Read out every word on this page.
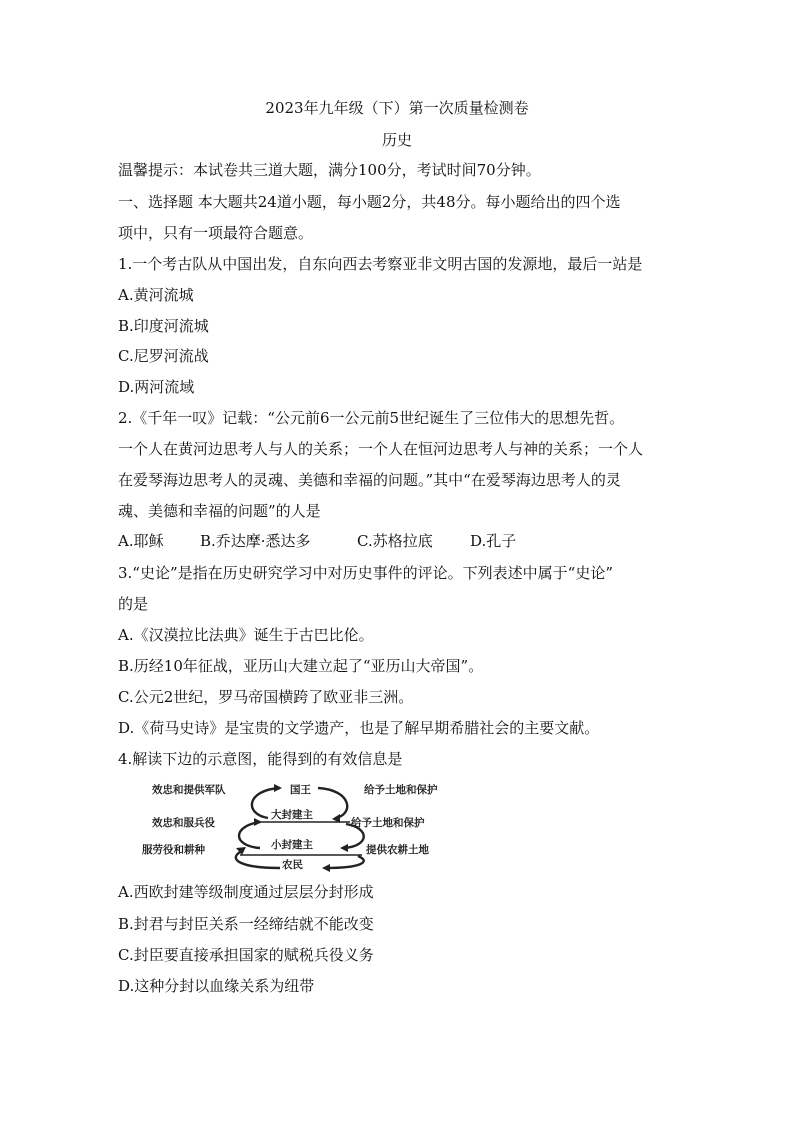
2023年九年级（下）第一次质量检测卷
历史
温馨提示：本试卷共三道大题，满分100分，考试时间70分钟。
一、选择题 本大题共24道小题，每小题2分，共48分。每小题给出的四个选
项中，只有一项最符合题意。
1.一个考古队从中国出发，自东向西去考察亚非文明古国的发源地，最后一站是
A.黄河流城
B.印度河流城
C.尼罗河流战
D.两河流域
2.《千年一叹》记载：“公元前6一公元前5世纪诞生了三位伟大的思想先哲。
一个人在黄河边思考人与人的关系；一个人在恒河边思考人与神的关系；一个人
在爱琴海边思考人的灵魂、美德和幸福的问题。”其中“在爱琴海边思考人的灵
魂、美德和幸福的问题”的人是
A.耶稣 B.乔达摩·悉达多	C.苏格拉底 D.孔子
3.“史论”是指在历史研究学习中对历史事件的评论。下列表述中属于“史论”
的是
A.《汉漠拉比法典》诞生于古巴比伦。
B.历经10年征战，亚历山大建立起了“亚历山大帝国”。
C.公元2世纪，罗马帝国横跨了欧亚非三洲。
D.《荷马史诗》是宝贵的文学遗产，也是了解早期希腊社会的主要文献。
4.解读下边的示意图，能得到的有效信息是
效忠和提供军队
效忠和服兵役
服劳役和耕种
给予土地和保护
给予土地和保护
提供农耕土地
国王
大封建主
小封建主
农民
A.西欧封建等级制度通过层层分封形成
B.封君与封臣关系一经缔结就不能改变
C.封臣要直接承担国家的赋税兵役义务
D.这种分封以血缘关系为纽带
